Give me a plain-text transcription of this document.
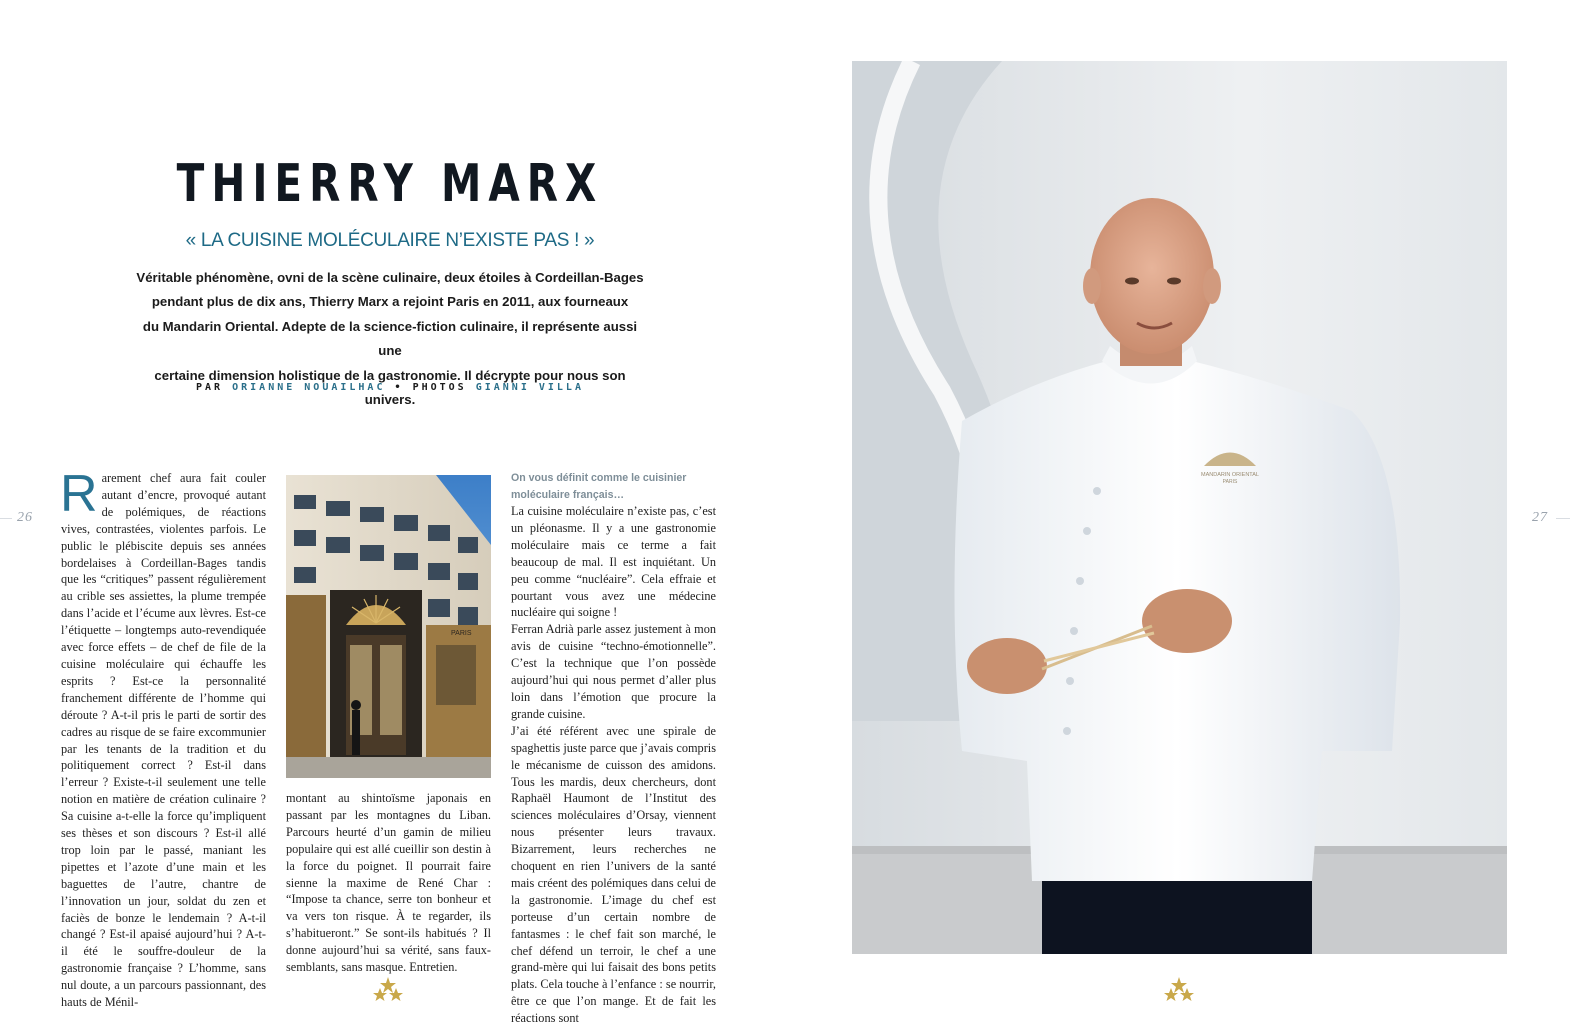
26	27
THIERRY MARX
« LA CUISINE MOLÉCULAIRE N’EXISTE PAS ! »
Véritable phénomène, ovni de la scène culinaire, deux étoiles à Cordeillan-Bages
pendant plus de dix ans, Thierry Marx a rejoint Paris en 2011, aux fourneaux
du Mandarin Oriental. Adepte de la science-fiction culinaire, il représente aussi une
certaine dimension holistique de la gastronomie. Il décrypte pour nous son univers.
PAR ORIANNE NOUAILHAC • PHOTOS GIANNI VILLA
R arement chef aura fait couler autant d’encre, provoqué autant de polémiques, de réactions vives, contrastées, violentes parfois. Le public le plébiscite depuis ses années bordelaises à Cordeillan-Bages tandis que les “critiques” passent régulièrement au crible ses assiettes, la plume trempée dans l’acide et l’écume aux lèvres. Est-ce l’étiquette – longtemps auto-revendiquée avec force effets – de chef de file de la cuisine moléculaire qui échauffe les esprits ? Est-ce la personnalité franchement différente de l’homme qui déroute ? A-t-il pris le parti de sortir des cadres au risque de se faire excommunier par les tenants de la tradition et du politiquement correct ? Est-il dans l’erreur ? Existe-t-il seulement une telle notion en matière de création culinaire ? Sa cuisine a-t-elle la force qu’impliquent ses thèses et son discours ? Est-il allé trop loin par le passé, maniant les pipettes et l’azote d’une main et les baguettes de l’autre, chantre de l’innovation un jour, soldat du zen et faciès de bonze le lendemain ? A-t-il changé ? Est-il apaisé aujourd’hui ? A-t-il été le souffre-douleur de la gastronomie française ? L’homme, sans nul doute, a un parcours passionnant, des hauts de Ménil-
PARIS

montant au shintoïsme japonais en passant par les montagnes du Liban. Parcours heurté d’un gamin de milieu populaire qui est allé cueillir son destin à la force du poignet. Il pourrait faire sienne la maxime de René Char : “Impose ta chance, serre ton bonheur et va vers ton risque. À te regarder, ils s’habitueront.” Se sont-ils habitués ? Il donne aujourd’hui sa vérité, sans faux-semblants, sans masque. Entretien.

On vous définit comme le cuisinier moléculaire français…

La cuisine moléculaire n’existe pas, c’est un pléonasme. Il y a une gastronomie moléculaire mais ce terme a fait beaucoup de mal. Il est inquiétant. Un peu comme “nucléaire”. Cela effraie et pourtant vous avez une médecine nucléaire qui soigne !

Ferran Adrià parle assez justement à mon avis de cuisine “techno-émotionnelle”. C’est la technique que l’on possède aujourd’hui qui nous permet d’aller plus loin dans l’émotion que procure la grande cuisine.

J’ai été référent avec une spirale de spaghettis juste parce que j’avais compris le mécanisme de cuisson des amidons. Tous les mardis, deux chercheurs, dont Raphaël Haumont de l’Institut des sciences moléculaires d’Orsay, viennent nous présenter leurs travaux. Bizarrement, leurs recherches ne choquent en rien l’univers de la santé mais créent des polémiques dans celui de la gastronomie. L’image du chef est porteuse d’un certain nombre de fantasmes : le chef fait son marché, le chef défend un terroir, le chef a une grand-mère qui lui faisait des bons petits plats. Cela touche à l’enfance : se nourrir, être ce que l’on mange. Et de fait les réactions sont

MANDARIN ORIENTAL
PARIS
